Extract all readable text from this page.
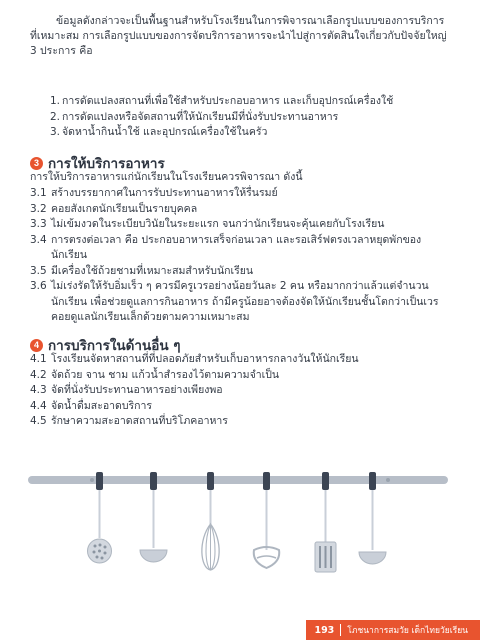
ข้อมูลดังกล่าวจะเป็นพื้นฐานสำหรับโรงเรียนในการพิจารณาเลือกรูปแบบของการบริการ
ที่เหมาะสม การเลือกรูปแบบของการจัดบริการอาหารจะนำไปสู่การตัดสินใจเกี่ยวกับปัจจัยใหญ่
3 ประการ คือ

1. การดัดแปลงสถานที่เพื่อใช้สำหรับประกอบอาหาร และเก็บอุปกรณ์เครื่องใช้
2. การดัดแปลงหรือจัดสถานที่ให้นักเรียนมีที่นั่งรับประทานอาหาร
3. จัดหาน้ำกินน้ำใช้ และอุปกรณ์เครื่องใช้ในครัว
3 การให้บริการอาหาร
การให้บริการอาหารแก่นักเรียนในโรงเรียนควรพิจารณา ดังนี้
3.1 สร้างบรรยากาศในการรับประทานอาหารให้รื่นรมย์
3.2 คอยสังเกตนักเรียนเป็นรายบุคคล
3.3 ไม่เข้มงวดในระเบียบวินัยในระยะแรก จนกว่านักเรียนจะคุ้นเคยกับโรงเรียน
3.4 การตรงต่อเวลา คือ ประกอบอาหารเสร็จก่อนเวลา และรอเสิร์ฟตรงเวลาหยุดพักของ
นักเรียน
3.5 มีเครื่องใช้ถ้วยชามที่เหมาะสมสำหรับนักเรียน
3.6 ไม่เร่งรัดให้รับอิ่มเร็ว ๆ ควรมีครูเวรอย่างน้อยวันละ 2 คน หรือมากกว่าแล้วแต่จำนวน
นักเรียน เพื่อช่วยดูแลการกินอาหาร ถ้ามีครูน้อยอาจต้องจัดให้นักเรียนชั้นโตกว่าเป็นเวร
คอยดูแลนักเรียนเล็กด้วยตามความเหมาะสม
4 การบริการในด้านอื่น ๆ
4.1 โรงเรียนจัดหาสถานที่ที่ปลอดภัยสำหรับเก็บอาหารกลางวันให้นักเรียน
4.2 จัดถ้วย จาน ชาม แก้วน้ำสำรองไว้ตามความจำเป็น
4.3 จัดที่นั่งรับประทานอาหารอย่างเพียงพอ
4.4 จัดน้ำดื่มสะอาดบริการ
4.5 รักษาความสะอาดสถานที่บริโภคอาหาร
193 โภชนาการสมวัย เด็กไทยวัยเรียน
